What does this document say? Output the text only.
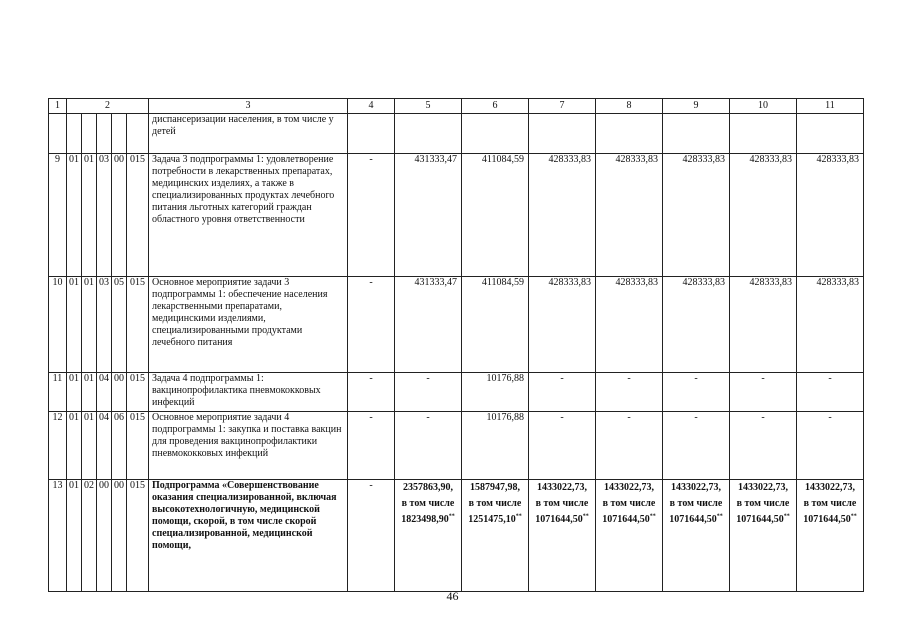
1	2					3	4	5	6	7	8	9	10	11
						диспансеризации населения, в том числе у детей								
9	01	01	03	00	015	Задача 3 подпрограммы 1: удовлетворение потребности в лекарственных препаратах, медицинских изделиях, а также в специализированных продуктах лечебного питания льготных категорий граждан областного уровня ответственности	-	431333,47	411084,59	428333,83	428333,83	428333,83	428333,83	428333,83
10	01	01	03	05	015	Основное мероприятие задачи 3 подпрограммы 1: обеспечение населения лекарственными препаратами, медицинскими изделиями, специализированными продуктами лечебного питания	-	431333,47	411084,59	428333,83	428333,83	428333,83	428333,83	428333,83
11	01	01	04	00	015	Задача 4 подпрограммы 1: вакцинопрофилактика пневмококковых инфекций	-	-	10176,88	-	-	-	-	-
12	01	01	04	06	015	Основное мероприятие задачи 4 подпрограммы 1: закупка и поставка вакцин для проведения вакцинопрофилактики пневмококковых инфекций	-	-	10176,88	-	-	-	-	-
13	01	02	00	00	015	Подпрограмма «Совершенствование оказания специализированной, включая высокотехнологичную, медицинской помощи, скорой, в том числе скорой специализированной, медицинской помощи,	-	2357863,90,
в том числе
1823498,90**	1587947,98,
в том числе
1251475,10**	1433022,73,
в том числе
1071644,50**	1433022,73,
в том числе
1071644,50**	1433022,73,
в том числе
1071644,50**	1433022,73,
в том числе
1071644,50**	1433022,73,
в том числе
1071644,50**
46
